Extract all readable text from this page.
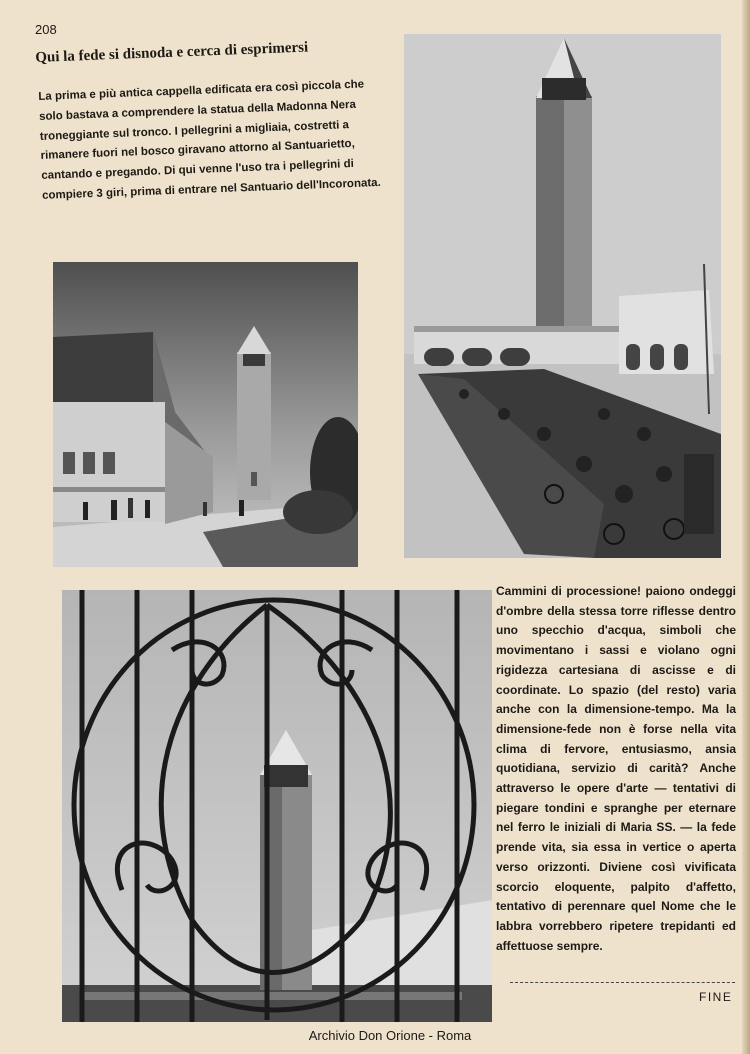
208
Qui la fede si disnoda e cerca di esprimersi
La prima e più antica cappella edificata era così piccola che solo bastava a comprendere la statua della Madonna Nera troneggiante sul tronco. I pellegrini a migliaia, costretti a rimanere fuori nel bosco giravano attorno al Santuarietto, cantando e pregando. Di qui venne l'uso tra i pellegrini di compiere 3 giri, prima di entrare nel Santuario dell'Incoronata.
Cammini di processione! paiono ondeggi d'ombre della stessa torre riflesse dentro uno specchio d'acqua, simboli che movimentano i sassi e violano ogni rigidezza cartesiana di ascisse e di coordinate. Lo spazio (del resto) varia anche con la dimensione-tempo. Ma la dimensione-fede non è forse nella vita clima di fervore, entusiasmo, ansia quotidiana, servizio di carità? Anche attraverso le opere d'arte — tentativi di piegare tondini e spranghe per eternare nel ferro le iniziali di Maria SS. — la fede prende vita, sia essa in vertice o aperta verso orizzonti. Diviene così vivificata scorcio eloquente, palpito d'affetto, tentativo di perennare quel Nome che le labbra vorrebbero ripetere trepidanti ed affettuose sempre.
FINE
Archivio Don Orione - Roma
